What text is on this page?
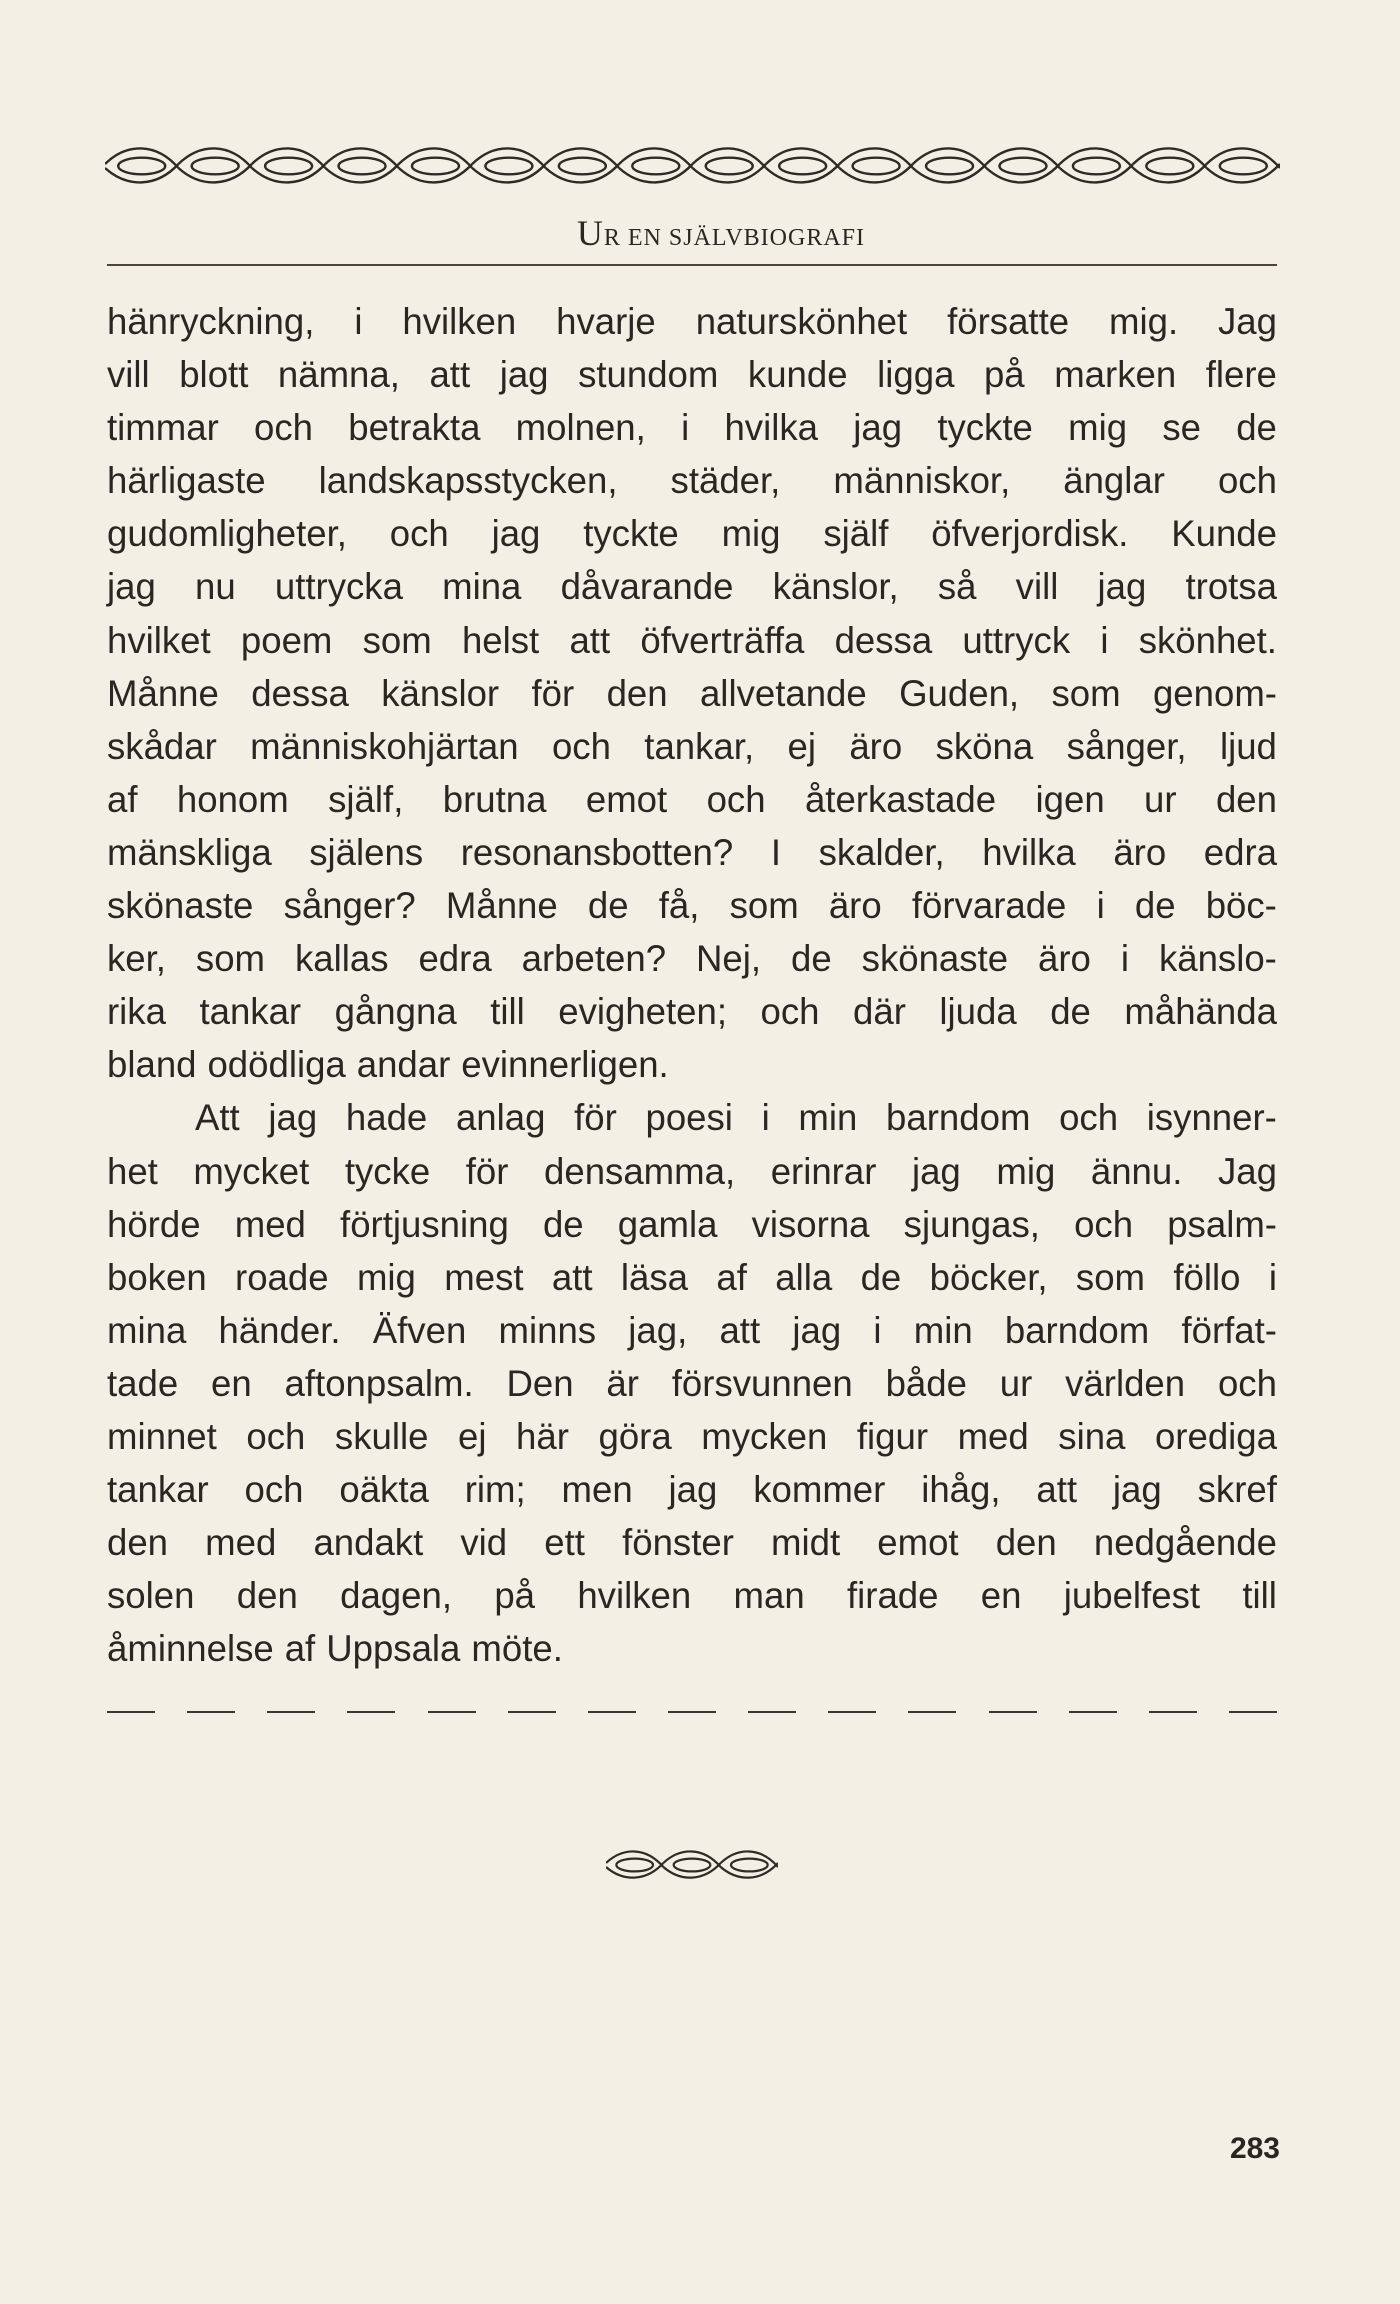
UR EN SJÄLVBIOGRAFI
hänryckning, i hvilken hvarje naturskönhet försatte mig. Jag
vill blott nämna, att jag stundom kunde ligga på marken flere
timmar och betrakta molnen, i hvilka jag tyckte mig se de
härligaste landskapsstycken, städer, människor, änglar och
gudomligheter, och jag tyckte mig själf öfverjordisk. Kunde
jag nu uttrycka mina dåvarande känslor, så vill jag trotsa
hvilket poem som helst att öfverträffa dessa uttryck i skönhet.
Månne dessa känslor för den allvetande Guden, som genom-
skådar människohjärtan och tankar, ej äro sköna sånger, ljud
af honom själf, brutna emot och återkastade igen ur den
mänskliga själens resonansbotten? I skalder, hvilka äro edra
skönaste sånger? Månne de få, som äro förvarade i de böc-
ker, som kallas edra arbeten? Nej, de skönaste äro i känslo-
rika tankar gångna till evigheten; och där ljuda de måhända
bland odödliga andar evinnerligen.
Att jag hade anlag för poesi i min barndom och isynner-
het mycket tycke för densamma, erinrar jag mig ännu. Jag
hörde med förtjusning de gamla visorna sjungas, och psalm-
boken roade mig mest att läsa af alla de böcker, som föllo i
mina händer. Äfven minns jag, att jag i min barndom förfat-
tade en aftonpsalm. Den är försvunnen både ur världen och
minnet och skulle ej här göra mycken figur med sina orediga
tankar och oäkta rim; men jag kommer ihåg, att jag skref
den med andakt vid ett fönster midt emot den nedgående
solen den dagen, på hvilken man firade en jubelfest till
åminnelse af Uppsala möte.
283
